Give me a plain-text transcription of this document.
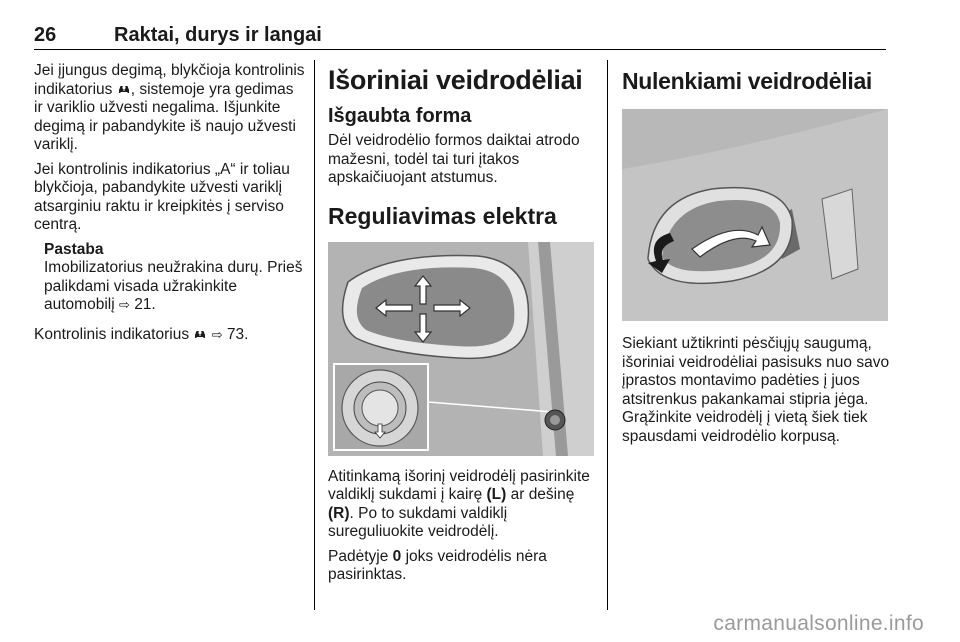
26	Raktai, durys ir langai

Jei įjungus degimą, blykčioja kontrolinis indikatorius , sistemoje yra gedimas ir variklio užvesti negalima. Išjunkite degimą ir pabandykite iš naujo užvesti variklį.

Jei kontrolinis indikatorius „A“ ir toliau blykčioja, pabandykite užvesti variklį atsarginiu raktu ir kreipkitės į serviso centrą.

Pastaba

Imobilizatorius neužrakina durų. Prieš palikdami visada užrakinkite automobilį ⇨ 21.

Kontrolinis indikatorius  ⇨ 73.

Išoriniai veidrodėliai
Išgaubta forma

Dėl veidrodėlio formos daiktai atrodo mažesni, todėl tai turi įtakos apskaičiuojant atstumus.

Reguliavimas elektra

Atitinkamą išorinį veidrodėlį pasirinkite valdiklį sukdami į kairę (L) ar dešinę (R). Po to sukdami valdiklį sureguliuokite veidrodėlį.

Padėtyje 0 joks veidrodėlis nėra pasirinktas.

Nulenkiami veidrodėliai

Siekiant užtikrinti pėsčiųjų saugumą, išoriniai veidrodėliai pasisuks nuo savo įprastos montavimo padėties į juos atsitrenkus pakankamai stipria jėga. Grąžinkite veidrodėlį į vietą šiek tiek spausdami veidrodėlio korpusą.

carmanualsonline.info
